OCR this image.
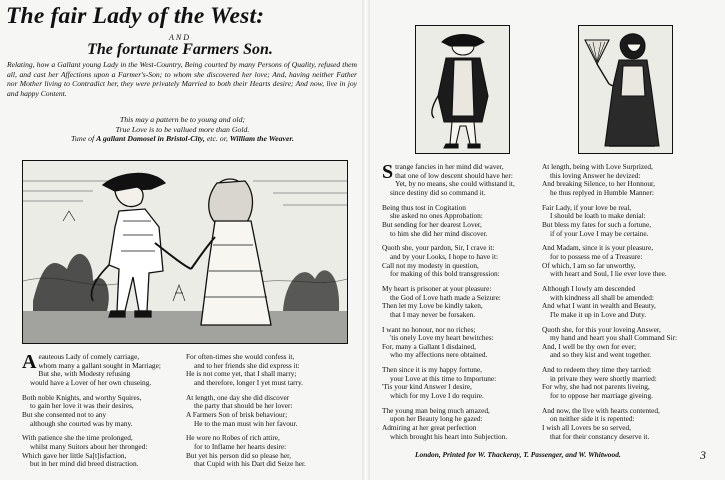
The fair Lady of the West:
AND
The fortunate Farmers Son.
Relating, how a Gallant young Lady in the West-Country, Being courted by many Persons of Quality, refused them all, and cast her Affections upon a Farmer's-Son; to whom she discovered her love; And, having neither Father nor Mother living to Contradict her, they were privately Married to both their Hearts desire; And now, live in joy and happy Content.
This may a pattern be to young and old;
True Love is to be vallued more than Gold.
Tune of A gallant Damosel in Bristol-City, etc. or, William the Weaver.

A eauteous Lady of comely carriage,
whom many a gallant sought in Marriage;
But she, with Modesty refusing
would have a Lover of her own chuseing.

Both noble Knights, and worthy Squires,
to gain her love it was their desires,
But she consented not to any
although she courted was by many.

With patience she the time prolonged,
whilst many Suitors about her thronged:
Which gave her little Sa[t]isfaction,
but in her mind did breed distraction.

For often-times she would confess it,
and to her friends she did express it:
He is not come yet, that I shall marry;
and therefore, longer I yet must tarry.

At length, one day she did discover
the party that should be her lover:
A Farmers Son of brisk behaviour;
He to the man must win her favour.

He wore no Robes of rich attire,
for to Inflame her hearts desire:
But yet his person did so please her,
that Cupid with his Dart did Seize her.

S trange fancies in her mind did waver,
that one of low descent should have her:
Yet, by no means, she could withstand it,
since destiny did so command it.

Being thus tost in Cogitation
she asked no ones Approbation:
But sending for her dearest Lover,
to him she did her mind discover.

Quoth she, your pardon, Sir, I crave it:
and by your Looks, I hope to have it:
Call not my modesty in question,
for making of this bold transgression:

My heart is prisoner at your pleasure:
the God of Love hath made a Seizure:
Then let my Love be kindly taken,
that I may never be forsaken.

I want no honour, nor no riches;
'tis onely Love my heart bewitches:
For, many a Gallant I disdained,
who my affections nere obtained.

Then since it is my happy fortune,
your Love at this time to Importune:
'Tis your kind Answer I desire,
which for my Love I do require.

The young man being much amazed,
upon her Beauty long he gazed:
Admiring at her great perfection
which brought his heart into Subjection.

At length, being with Love Surprized,
this loving Answer he devized:
And breaking Silence, to her Honnour,
he thus replyed in Humble Manner:

Fair Lady, if your love be real,
I should be loath to make denial:
But bless my fates for such a fortune,
if of your Love I may be certaine.

And Madam, since it is your pleasure,
for to possess me of a Treasure:
Of which, I am so far unworthy,
with heart and Soul, I lie ever love thee.

Although I lowly am descended
with kindness all shall be amended:
And what I want in wealth and Beauty,
I'le make it up in Love and Duty.

Quoth she, for this your loveing Answer,
my hand and heart you shall Command Sir:
And, I well be thy own for ever;
and so they kist and went together.

And to redeem they time they tarried:
in private they were shortly married:
For why, she had not parents liveing,
for to oppose her marriage giveing.

And now, the live with hearts contented,
on neither side it is repented:
I wish all Lovers be so served,
that for their constancy deserve it.

London, Printed for W. Thackeray, T. Passenger, and W. Whitwood.	3
